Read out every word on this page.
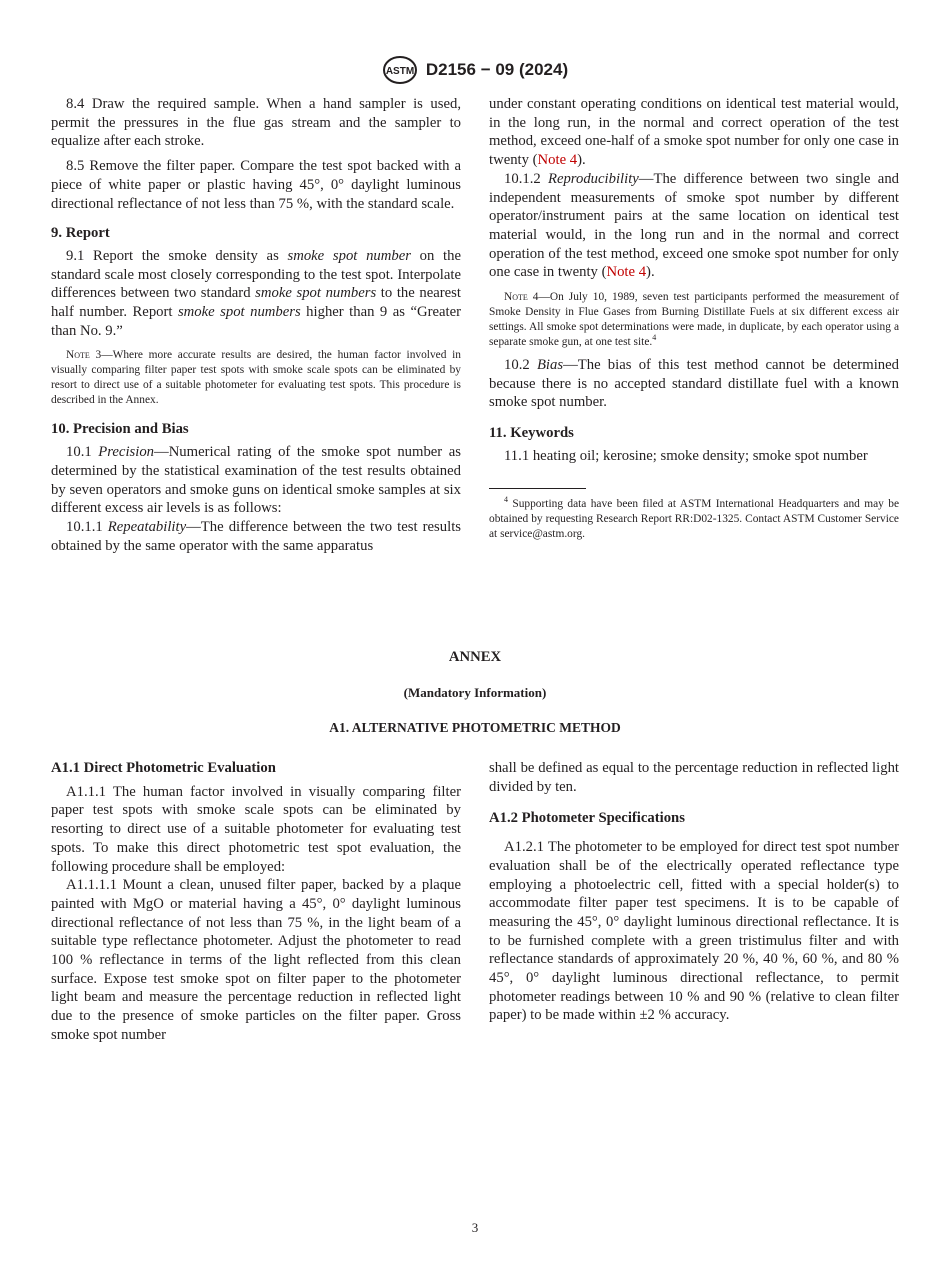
ASTM D2156 − 09 (2024)

8.4 Draw the required sample. When a hand sampler is used, permit the pressures in the flue gas stream and the sampler to equalize after each stroke.

8.5 Remove the filter paper. Compare the test spot backed with a piece of white paper or plastic having 45°, 0° daylight luminous directional reflectance of not less than 75 %, with the standard scale.

9. Report

9.1 Report the smoke density as smoke spot number on the standard scale most closely corresponding to the test spot. Interpolate differences between two standard smoke spot numbers to the nearest half number. Report smoke spot numbers higher than 9 as “Greater than No. 9.”

Note 3—Where more accurate results are desired, the human factor involved in visually comparing filter paper test spots with smoke scale spots can be eliminated by resort to direct use of a suitable photometer for evaluating test spots. This procedure is described in the Annex.

10. Precision and Bias

10.1 Precision—Numerical rating of the smoke spot number as determined by the statistical examination of the test results obtained by seven operators and smoke guns on identical smoke samples at six different excess air levels is as follows:

10.1.1 Repeatability—The difference between the two test results obtained by the same operator with the same apparatus

under constant operating conditions on identical test material would, in the long run, in the normal and correct operation of the test method, exceed one-half of a smoke spot number for only one case in twenty (Note 4).

10.1.2 Reproducibility—The difference between two single and independent measurements of smoke spot number by different operator/instrument pairs at the same location on identical test material would, in the long run and in the normal and correct operation of the test method, exceed one smoke spot number for only one case in twenty (Note 4).

Note 4—On July 10, 1989, seven test participants performed the measurement of Smoke Density in Flue Gases from Burning Distillate Fuels at six different excess air settings. All smoke spot determinations were made, in duplicate, by each operator using a separate smoke gun, at one test site.$^4$

10.2 Bias—The bias of this test method cannot be determined because there is no accepted standard distillate fuel with a known smoke spot number.

11. Keywords

11.1 heating oil; kerosine; smoke density; smoke spot number

$^4$ Supporting data have been filed at ASTM International Headquarters and may be obtained by requesting Research Report RR:D02-1325. Contact ASTM Customer Service at service@astm.org.

ANNEX
(Mandatory Information)
A1. ALTERNATIVE PHOTOMETRIC METHOD

A1.1 Direct Photometric Evaluation

A1.1.1 The human factor involved in visually comparing filter paper test spots with smoke scale spots can be eliminated by resorting to direct use of a suitable photometer for evaluating test spots. To make this direct photometric test spot evaluation, the following procedure shall be employed:

A1.1.1.1 Mount a clean, unused filter paper, backed by a plaque painted with MgO or material having a 45°, 0° daylight luminous directional reflectance of not less than 75 %, in the light beam of a suitable type reflectance photometer. Adjust the photometer to read 100 % reflectance in terms of the light reflected from this clean surface. Expose test smoke spot on filter paper to the photometer light beam and measure the percentage reduction in reflected light due to the presence of smoke particles on the filter paper. Gross smoke spot number

shall be defined as equal to the percentage reduction in reflected light divided by ten.

A1.2 Photometer Specifications

A1.2.1 The photometer to be employed for direct test spot number evaluation shall be of the electrically operated reflectance type employing a photoelectric cell, fitted with a special holder(s) to accommodate filter paper test specimens. It is to be capable of measuring the 45°, 0° daylight luminous directional reflectance. It is to be furnished complete with a green tristimulus filter and with reflectance standards of approximately 20 %, 40 %, 60 %, and 80 % 45°, 0° daylight luminous directional reflectance, to permit photometer readings between 10 % and 90 % (relative to clean filter paper) to be made within ±2 % accuracy.

3
